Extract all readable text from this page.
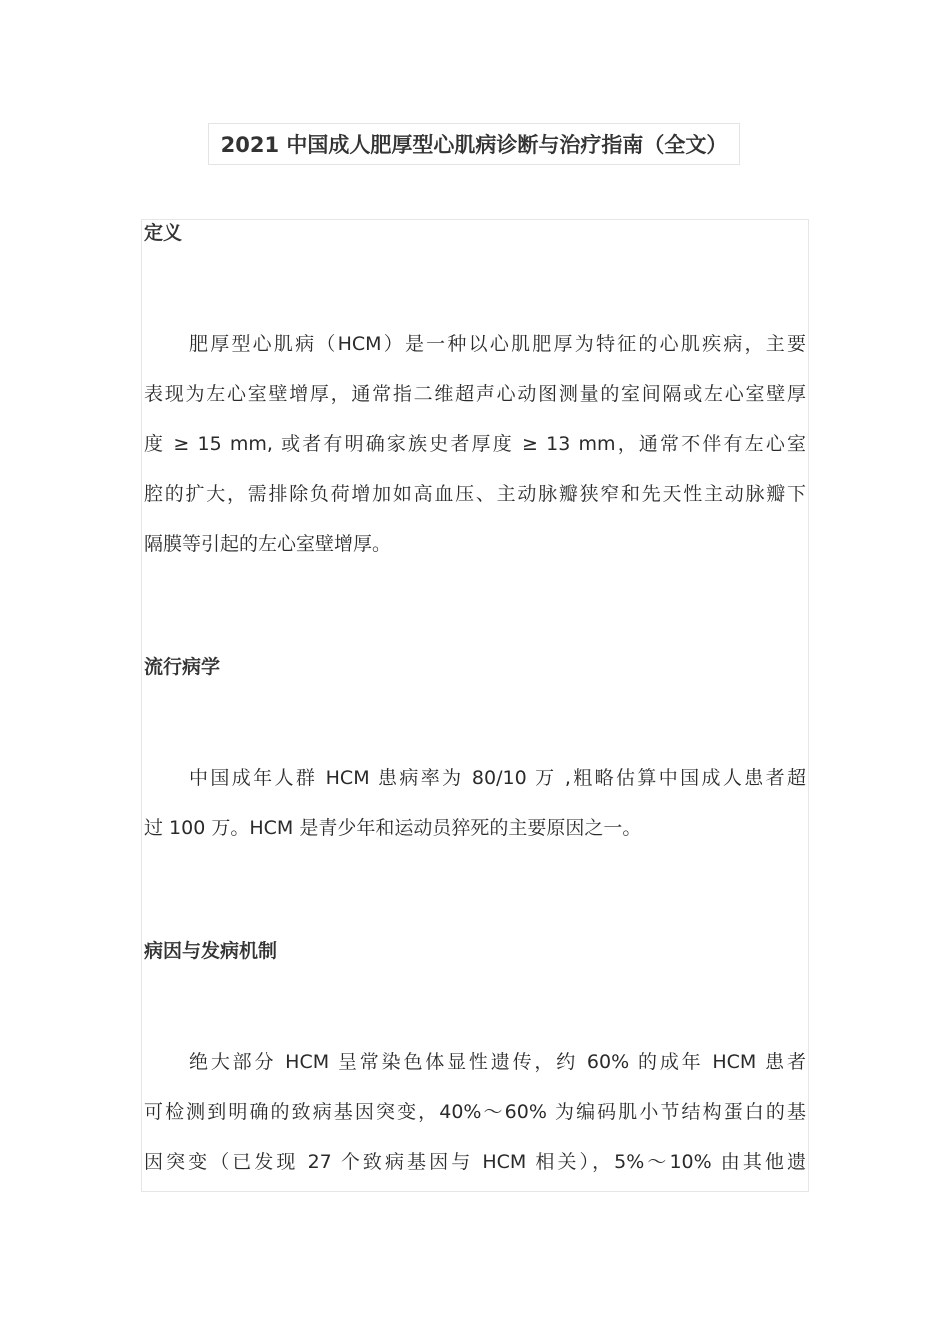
2021 中国成人肥厚型心肌病诊断与治疗指南（全文）
定义
肥厚型心肌病（HCM）是一种以心肌肥厚为特征的心肌疾病，主要
表现为左心室壁增厚，通常指二维超声心动图测量的室间隔或左心室壁厚
度 ≥ 15 mm, 或者有明确家族史者厚度 ≥ 13 mm，通常不伴有左心室
腔的扩大，需排除负荷增加如高血压、主动脉瓣狭窄和先天性主动脉瓣下
隔膜等引起的左心室壁增厚。
流行病学
中国成年人群 HCM 患病率为 80/10 万 ,粗略估算中国成人患者超
过 100 万。HCM 是青少年和运动员猝死的主要原因之一。
病因与发病机制
绝大部分 HCM 呈常染色体显性遗传，约 60% 的成年 HCM 患者
可检测到明确的致病基因突变，40%～60% 为编码肌小节结构蛋白的基
因突变（已发现 27 个致病基因与 HCM 相关），5%～10% 由其他遗
